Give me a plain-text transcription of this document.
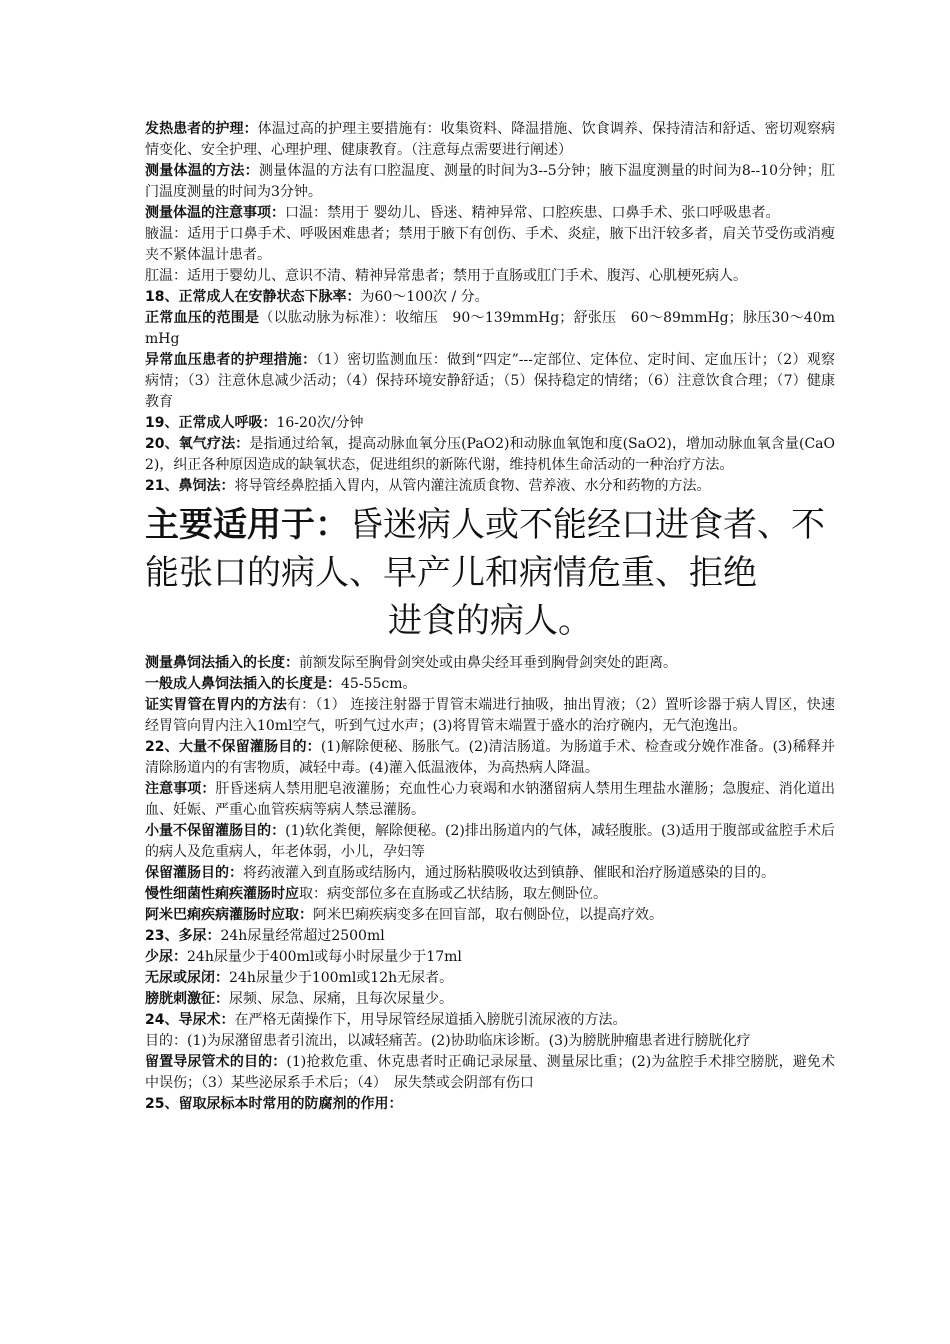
发热患者的护理：体温过高的护理主要措施有：收集资料、降温措施、饮食调养、保持清洁和舒适、密切观察病情变化、安全护理、心理护理、健康教育。（注意每点需要进行阐述）

测量体温的方法：测量体温的方法有口腔温度、测量的时间为3--5分钟；腋下温度测量的时间为8--10分钟；肛门温度测量的时间为3分钟。

测量体温的注意事项：口温：禁用于 婴幼儿、昏迷、精神异常、口腔疾患、口鼻手术、张口呼吸患者。

腋温：适用于口鼻手术、呼吸困难患者；禁用于腋下有创伤、手术、炎症，腋下出汗较多者，肩关节受伤或消瘦夹不紧体温计患者。

肛温：适用于婴幼儿、意识不清、精神异常患者；禁用于直肠或肛门手术、腹泻、心肌梗死病人。

18、正常成人在安静状态下脉率：为60～100次 / 分。

正常血压的范围是（以肱动脉为标准）：收缩压　90～139mmHg；舒张压　60～89mmHg；脉压30～40mmHg

异常血压患者的护理措施：（1）密切监测血压：做到“四定”---定部位、定体位、定时间、定血压计；（2）观察病情；（3）注意休息减少活动；（4）保持环境安静舒适；（5）保持稳定的情绪；（6）注意饮食合理；（7）健康教育

19、正常成人呼吸：16-20次/分钟

20、氧气疗法：是指通过给氧，提高动脉血氧分压(PaO2)和动脉血氧饱和度(SaO2)，增加动脉血氧含量(CaO2)，纠正各种原因造成的缺氧状态，促进组织的新陈代谢，维持机体生命活动的一种治疗方法。

21、鼻饲法：将导管经鼻腔插入胃内，从管内灌注流质食物、营养液、水分和药物的方法。

主要适用于：昏迷病人或不能经口进食者、不能张口的病人、早产儿和病情危重、拒绝
进食的病人。

测量鼻饲法插入的长度：前额发际至胸骨剑突处或由鼻尖经耳垂到胸骨剑突处的距离。

一般成人鼻饲法插入的长度是：45-55cm。

证实胃管在胃内的方法有：（1） 连接注射器于胃管末端进行抽吸，抽出胃液；（2）置听诊器于病人胃区，快速经胃管向胃内注入10ml空气，听到气过水声；(3)将胃管末端置于盛水的治疗碗内，无气泡逸出。

22、大量不保留灌肠目的：(1)解除便秘、肠胀气。(2)清洁肠道。为肠道手术、检查或分娩作准备。(3)稀释并清除肠道内的有害物质，减轻中毒。(4)灌入低温液体，为高热病人降温。

注意事项：肝昏迷病人禁用肥皂液灌肠；充血性心力衰竭和水钠潴留病人禁用生理盐水灌肠；急腹症、消化道出血、妊娠、严重心血管疾病等病人禁忌灌肠。

小量不保留灌肠目的：(1)软化粪便，解除便秘。(2)排出肠道内的气体，减轻腹胀。(3)适用于腹部或盆腔手术后的病人及危重病人，年老体弱，小儿，孕妇等

保留灌肠目的：将药液灌入到直肠或结肠内，通过肠粘膜吸收达到镇静、催眠和治疗肠道感染的目的。

慢性细菌性痢疾灌肠时应取：病变部位多在直肠或乙状结肠，取左侧卧位。

阿米巴痢疾病灌肠时应取：阿米巴痢疾病变多在回盲部，取右侧卧位，以提高疗效。

23、多尿：24h尿量经常超过2500ml

少尿：24h尿量少于400ml或每小时尿量少于17ml

无尿或尿闭：24h尿量少于100ml或12h无尿者。

膀胱刺激征：尿频、尿急、尿痛，且每次尿量少。

24、导尿术：在严格无菌操作下，用导尿管经尿道插入膀胱引流尿液的方法。

目的：(1)为尿潴留患者引流出，以减轻痛苦。(2)协助临床诊断。(3)为膀胱肿瘤患者进行膀胱化疗

留置导尿管术的目的：(1)抢救危重、休克患者时正确记录尿量、测量尿比重；(2)为盆腔手术排空膀胱，避免术中误伤；（3）某些泌尿系手术后；（4）　尿失禁或会阴部有伤口

25、留取尿标本时常用的防腐剂的作用：
